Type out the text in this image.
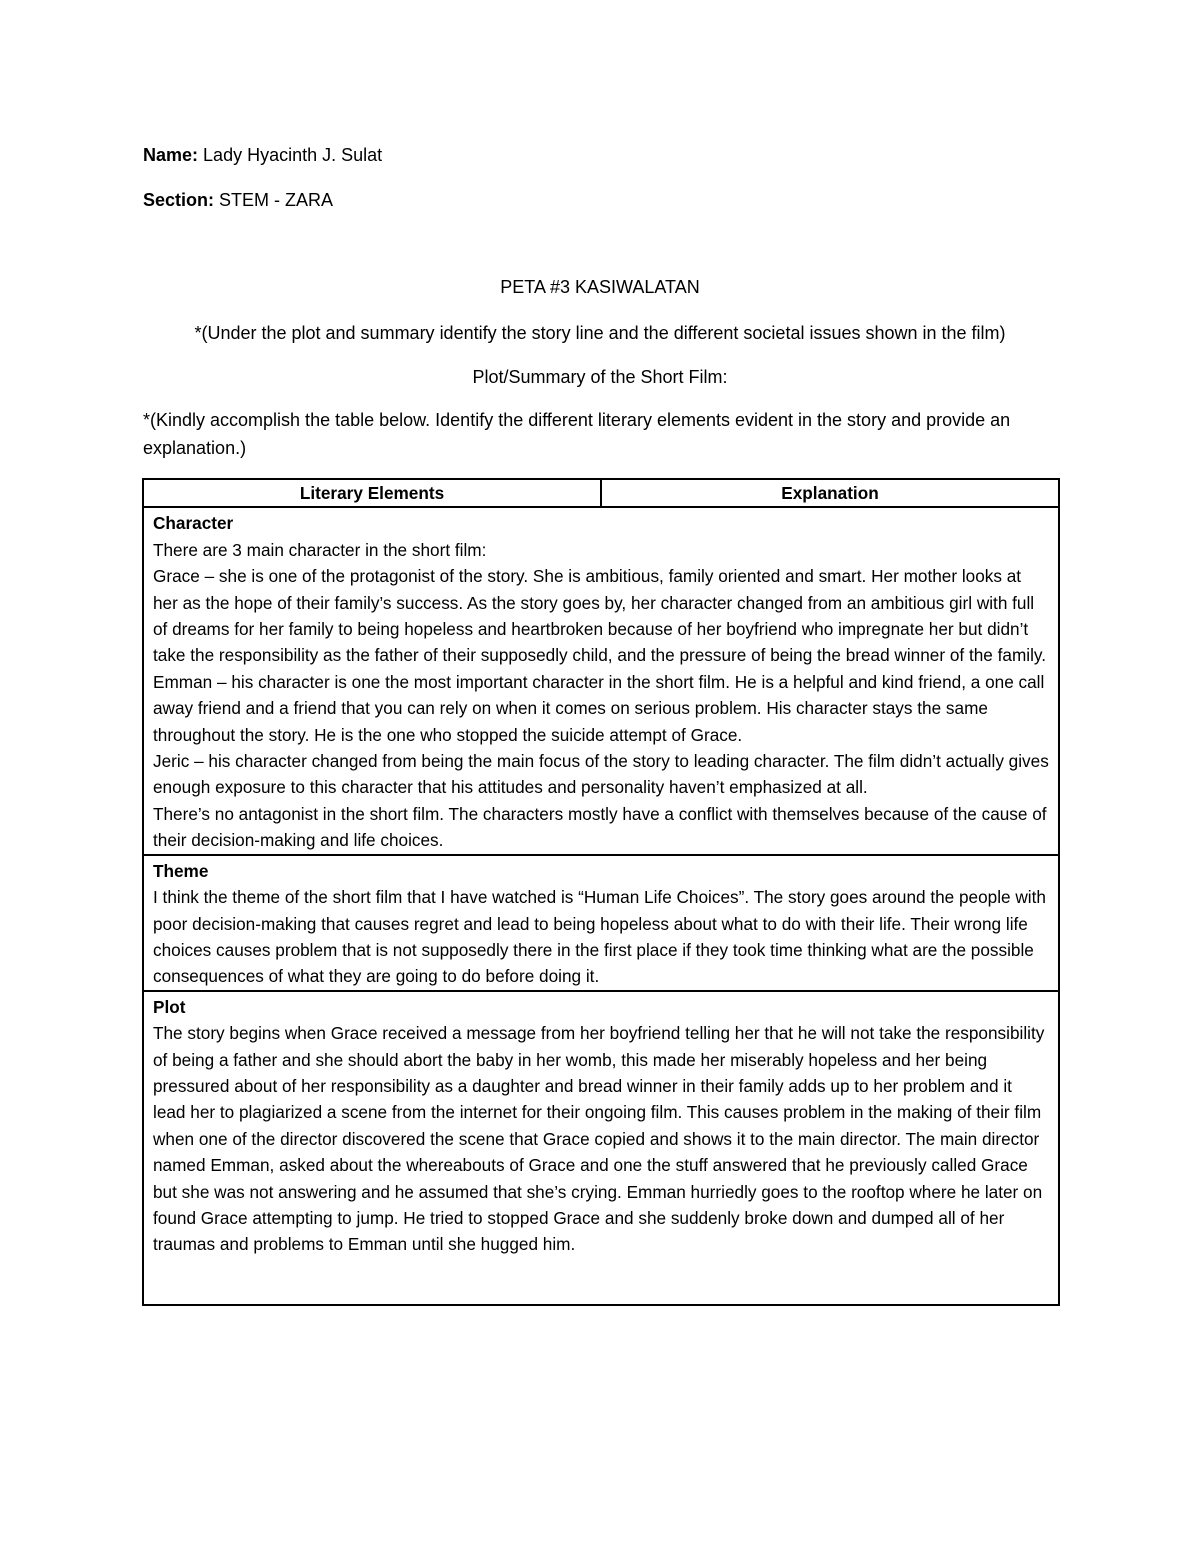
Name: Lady Hyacinth J. Sulat
Section: STEM - ZARA
PETA #3 KASIWALATAN
*(Under the plot and summary identify the story line and the different societal issues shown in the film)
Plot/Summary of the Short Film:
*(Kindly accomplish the table below. Identify the different literary elements evident in the story and provide an explanation.)
Literary Elements	Explanation

Character
There are 3 main character in the short film:
Grace – she is one of the protagonist of the story. She is ambitious, family oriented and smart. Her mother looks at her as the hope of their family’s success. As the story goes by, her character changed from an ambitious girl with full of dreams for her family to being hopeless and heartbroken because of her boyfriend who impregnate her but didn’t take the responsibility as the father of their supposedly child, and the pressure of being the bread winner of the family.
Emman – his character is one the most important character in the short film. He is a helpful and kind friend, a one call away friend and a friend that you can rely on when it comes on serious problem. His character stays the same throughout the story. He is the one who stopped the suicide attempt of Grace.
Jeric – his character changed from being the main focus of the story to leading character. The film didn’t actually gives enough exposure to this character that his attitudes and personality haven’t emphasized at all.
There’s no antagonist in the short film. The characters mostly have a conflict with themselves because of the cause of their decision-making and life choices.

Theme
I think the theme of the short film that I have watched is “Human Life Choices”. The story goes around the people with poor decision-making that causes regret and lead to being hopeless about what to do with their life. Their wrong life choices causes problem that is not supposedly there in the first place if they took time thinking what are the possible consequences of what they are going to do before doing it.

Plot
The story begins when Grace received a message from her boyfriend telling her that he will not take the responsibility of being a father and she should abort the baby in her womb, this made her miserably hopeless and her being pressured about of her responsibility as a daughter and bread winner in their family adds up to her problem and it lead her to plagiarized a scene from the internet for their ongoing film. This causes problem in the making of their film when one of the director discovered the scene that Grace copied and shows it to the main director. The main director named Emman, asked about the whereabouts of Grace and one the stuff answered that he previously called Grace but she was not answering and he assumed that she’s crying. Emman hurriedly goes to the rooftop where he later on found Grace attempting to jump. He tried to stopped Grace and she suddenly broke down and dumped all of her traumas and problems to Emman until she hugged him.
